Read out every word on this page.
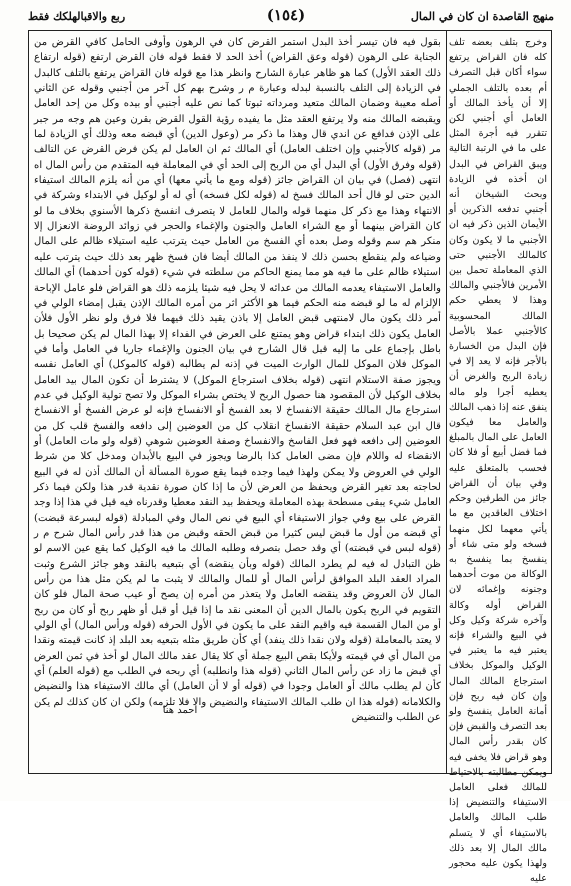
منهج القاصدة ان كان في المال
(١٥٤)
ربع والاقبالهلكك فقط

بقول فيه فان تيسر أخذ البدل استمر القرض كان في الرهون وأوفى الحامل كافي القرض من الجناية على الرهون (قوله وعق القراض) أخذ الحد لا فقط قوله فان القرض ارتفع (قوله ارتفاع ذلك العقد الأول) كما هو ظاهر عبارة الشارح وانظر هذا مع قوله فان القراض يرتفع بالتلف كالبدل في الزيادة إلى التلف بالنسبة لبدله وعبارة م ر وشرح بهم كل آخر من أجنبي وقوله عن الثاني أصله معيبة وضمان المالك متعيد ومرداته ثبوتا كما نص عليه أجنبي أو بيده وكل من إحد العامل ويقبضه المالك منه ولا يرتفع العقد مثل ما يفيده رؤية القول القرض بقرن وعين هم وجه مر جبر على الإذن فدافع عن اندي قال وهذا ما ذكر مر (وعول الدين) أي قبضه معه وذلك أي الزيادة لما مر (قوله كالأجنبي وإن اختلف العامل) أي المالك ثم ان العامل لم يكن فرض القرض عن التالف (قوله وفرق الأول) أي البدل أي من الربح إلى الحد أي في المعاملة فيه المتقدم من رأس المال اه انتهى (فصل) في بيان ان القراض جائز (قوله ومع ما يأتي معها) أي من أنه يلزم المالك استيفاء الدين حتى لو قال أحد المالك فسخ له (قوله لكل فسخه) أي له أو لوكيل في الابتداء وشركة في الانتهاء وهذا مع ذكر كل منهما قوله والمال للعامل لا يتصرف انفسخ ذكرها الأسنوي بخلاف ما لو كان القراض بينهما أو مع الشراء العامل والجنون والإغماء والحجر في زوائد الروضة الانعزال إلا منكر هم سم وقوله وصل بعده أي الفسخ من العامل حيث يترتب عليه استيلاء ظالم على المال وضياعه ولم ينقطع بحسن ذلك لا ينفذ من المالك أيضا فان فسخ ظهر بعد ذلك حيث يترتب عليه استيلاء ظالم على ما فيه هو مما يمنع الحاكم من سلطته في شيء (قوله كون أحدهما) أي المالك والعامل الاستيفاء يعدمه المالك من عدائه لا يحل فيه شيئا يلزمه ذلك هو القراض فلو عامل الإباحة الإلزام له ما لو قبضه منه الحكم فيما هو الأكثر اثر من أمره المالك الإذن يقبل إمضاء الولي في أمر ذلك يكون مال لامنتهى قبض العامل إلا باذن يقيد ذلك فيهما فلا فرق ولو نظر الأول فلأن العامل يكون ذلك ابتداء قراض وهو يمتنع على العرض في الفداء إلا بهذا المال لم يكن صحيحا بل باطل بإجماع على ما إليه قبل قال الشارح في بيان الجنون والإغماء جاريا في العامل وأما في الموكل فلان الموكل للمال الوارث الميت في إذنه لم يطالبه (قوله كالموكل) أي العامل نفسه ويجوز صفة الاستلام انتهى (قوله بخلاف استرجاع الموكل) لا يشترط أن تكون المال بيد العامل بخلاف الوكيل لأن المقصود هنا حصول الربح لا يختص بشراء الموكل ولا تصح تولية الوكيل في عدم استرجاع مال المالك حقيقة الانفساخ لا بعد الفسخ أو الانفساخ فإنه لو عرض الفسخ أو الانفساخ قال ابن عبد السلام حقيقة الانفساخ انقلاب كل من العوضين إلى دافعه والفسخ قلب كل من العوضين إلى دافعه فهو فعل الفاسخ والانفساخ وصفة العوضين شوهي (قوله ولو مات العامل) أو الانقضاء له واللام فإن مضى العامل كذا بالرضا ويجوز في البيع بالأبدان ومدخل كلا من شرط الولي في العروض ولا يمكن ولهذا فيما وجده فيما يقع صورة المسألة أن المالك أذن له في البيع لحاجته بعد تغير القرض ويحفظ من العرض لأن ما إذا كان صورة نقدية قدر هذا ولكن فيما ذكر العامل شيء يبقى مسطحة بهذه المعاملة ويحفظ بيد النقد معطيا وقدرناه فيه قيل في هذا إذا وجد القرض على بيع وفي جواز الاستيفاء أي البيع في نص المال وفي المبادلة (قوله لبسرعة قبضت) أي قبضه من أول ما قبض ليس كثيرا من قبض الحقه وقبض من هذا قدر رأس المال شرح م ر (قوله لبس في قبضته) أي وقد حصل بتصرفه وطلبه المالك ما فيه الوكيل كما يقع عين الاسم لو ظن التبادل له فيه لم يطرد المالك (قوله وبأن ينقضه) أي بتبعيه بالنقد وهو جائز الشرع وثبت المراد العقد البلد الموافق لرأس المال أو للمال والمالك لا يثبت ما لم يكن مثل هذا من رأس المال لأن العروض وقد ينقضه العامل ولا يتعذر من أمره إن يصح أو عيب صحة المال فلو كان التقويم في الربح يكون بالمال الدين أن المعنى نقد ما إذا قيل أو قبل أو ظهر ربح أو كان من ربح أو من المال القسمة فيه واقيم النقد على ما يكون في الأول الحرفه (قوله ورأس المال) أي الولي لا يعتد بالمعاملة (قوله ولان نقدا ذلك ينفد) أي كأن طريق مثله بتبعيه بعد البلد إذ كانت قيمته ونقدا من المال أي في قيمته ولأيكا بقص البيع جملة أي كلا يقال عقد مالك المال لو أخذ في ثمن العرض أي قبض ما زاد عن رأس المال الثاني (قوله هذا وانطلبه) أي ربحه في الطلب مع (قوله العلم) أي كأن لم يطلب مالك أو العامل وجودا في (قوله أو لا أن العامل) أي مالك الاستيفاء هذا والنضيض والكلامانه (قوله هذا ان طلب المالك الاستيفاء والنضيض والا فلا تلزمه) ولكن ان كان كذلك لم يكن عن الطلب والتنضيض

وخرج بتلف بعضه تلف كله فان القراض يرتفع سواء أكان قبل التصرف أم بعده بالتلف الجملي إلا أن يأخذ المالك أو العامل أي أجنبي لكن تتقرر فيه أجرة المثل على ما في الرتبة التالية ويبق القراض في البدل ان أخذه في الزيادة وبحث الشيخان أنه أجنبي تدفعه الذكرين أو الأيمان الذين ذكر فيه ان الأجنبي ما لا يكون وكان كالمالك الأجنبي حتى الذي المعاملة تحمل بين الأمرين فالأجنبي والمالك وهذا لا يعطي حكم المالك المحسوبية كالأجنبي عملا بالأصل فإن البدل من الخسارة بالأجر فإنه لا يعد إلا في زيادة الربح والغرض أن يعطيه أجرا ولو ماله ينفق عنه إذا ذهب المالك والعامل معا فيكون العامل على المال بالمبلغ فما فضل أبيع أو فلا كان فحسب بالمتعلق عليه وفي بيان أن القراض جائز من الطرفين وحكم اختلاف العاقدين مع ما يأتي معهما لكل منهما فسخه ولو متى شاء أو ينفسخ بما ينفسخ به الوكالة من موت أحدهما وجنونه وإغمائه لان القراض أوله وكالة وآخره شركة وكيل وكل في البيع والشراء فإنه يعتبر فيه ما يعتبر في الوكيل والموكل بخلاف استرجاع المالك المال وإن كان فيه ربح فإن أمانة العامل ينفسخ ولو بعد التصرف والقبض فإن كان بقدر رأس المال وهو قراض فلا يخفى فيه ويمكن مطالبته بالاحتياط للمالك فعلى العامل الاستيفاء والتنضيض إذا طلب المالك والعامل بالاستيفاء أي لا يتسلم مالك المال إلا بعد ذلك ولهذا يكون عليه محجور عليه

احمد هنا
